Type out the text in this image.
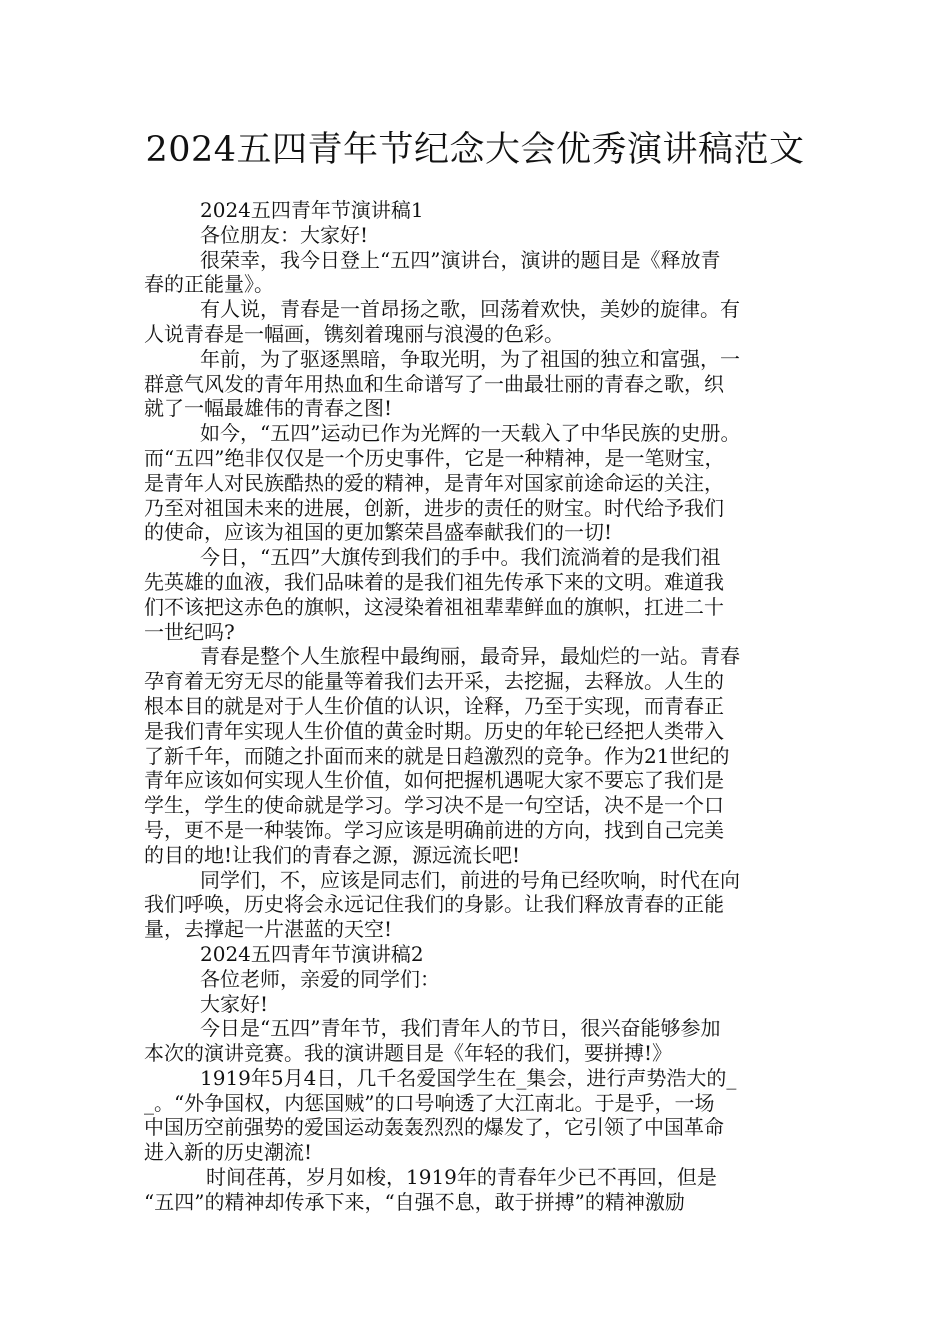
2024五四青年节纪念大会优秀演讲稿范文
2024五四青年节演讲稿1
各位朋友：大家好!
很荣幸，我今日登上“五四”演讲台，演讲的题目是《释放青
春的正能量》。
有人说，青春是一首昂扬之歌，回荡着欢快，美妙的旋律。有
人说青春是一幅画，镌刻着瑰丽与浪漫的色彩。
年前，为了驱逐黑暗，争取光明，为了祖国的独立和富强，一
群意气风发的青年用热血和生命谱写了一曲最壮丽的青春之歌，织
就了一幅最雄伟的青春之图!
如今，“五四”运动已作为光辉的一天载入了中华民族的史册。
而“五四”绝非仅仅是一个历史事件，它是一种精神，是一笔财宝，
是青年人对民族酷热的爱的精神，是青年对国家前途命运的关注，
乃至对祖国未来的进展，创新，进步的责任的财宝。时代给予我们
的使命，应该为祖国的更加繁荣昌盛奉献我们的一切!
今日，“五四”大旗传到我们的手中。我们流淌着的是我们祖
先英雄的血液，我们品味着的是我们祖先传承下来的文明。难道我
们不该把这赤色的旗帜，这浸染着祖祖辈辈鲜血的旗帜，扛进二十
一世纪吗?
青春是整个人生旅程中最绚丽，最奇异，最灿烂的一站。青春
孕育着无穷无尽的能量等着我们去开采，去挖掘，去释放。人生的
根本目的就是对于人生价值的认识，诠释，乃至于实现，而青春正
是我们青年实现人生价值的黄金时期。历史的年轮已经把人类带入
了新千年，而随之扑面而来的就是日趋激烈的竞争。作为21世纪的
青年应该如何实现人生价值，如何把握机遇呢大家不要忘了我们是
学生，学生的使命就是学习。学习决不是一句空话，决不是一个口
号，更不是一种装饰。学习应该是明确前进的方向，找到自己完美
的目的地!让我们的青春之源，源远流长吧!
同学们，不，应该是同志们，前进的号角已经吹响，时代在向
我们呼唤，历史将会永远记住我们的身影。让我们释放青春的正能
量，去撑起一片湛蓝的天空!
2024五四青年节演讲稿2
各位老师，亲爱的同学们：
大家好!
今日是“五四”青年节，我们青年人的节日，很兴奋能够参加
本次的演讲竞赛。我的演讲题目是《年轻的我们，要拼搏!》
1919年5月4日，几千名爱国学生在_集会，进行声势浩大的_
_。“外争国权，内惩国贼”的口号响透了大江南北。于是乎，一场
中国历空前强势的爱国运动轰轰烈烈的爆发了，它引领了中国革命
进入新的历史潮流!
时间荏苒，岁月如梭，1919年的青春年少已不再回，但是
“五四”的精神却传承下来，“自强不息，敢于拼搏”的精神激励
